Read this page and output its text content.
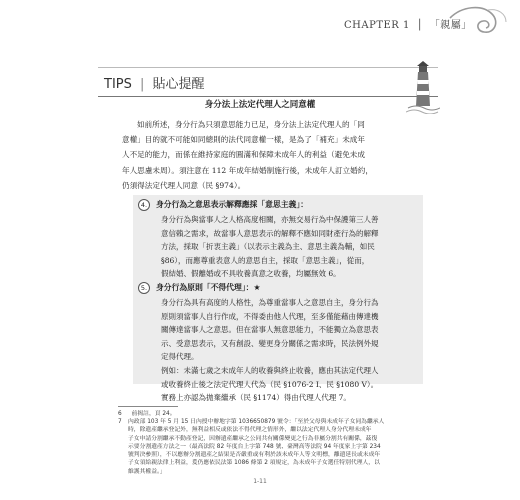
CHAPTER 1 │ 「親屬」
TIPS | 貼心提醒
身分法上法定代理人之同意權
如前所述，身分行為只須意思能力已足，身分法上法定代理人的「同
意權」目的就不可能如同總則的法代同意權一樣，是為了「補充」未成年
人不足的能力，而係在維持家庭的圓滿和保障未成年人的利益（避免未成
年人思慮未周）。須注意在 112 年成年結婚制施行後，未成年人訂立婚約，
仍須得法定代理人同意（民 §974）。
4.	身分行為之意思表示解釋應採「意思主義」：
身分行為與當事人之人格高度相關，亦無交易行為中保護第三人善
意信賴之需求，故當事人意思表示的解釋不應如同財產行為的解釋
方法，採取「折衷主義」（以表示主義為主、意思主義為輔，如民
§86），而應尊重表意人的意思自主，採取「意思主義」，從而，
假結婚、假離婚或不具收養真意之收養，均屬無效 6。
5.	身分行為原則「不得代理」：★
身分行為具有高度的人格性，為尊重當事人之意思自主，身分行為
原則須當事人自行作成，不得委由他人代理，至多僅能藉由傳達機
關傳達當事人之意思。但在當事人無意思能力，不能獨立為意思表
示、受意思表示，又有創設、變更身分關係之需求時，民法例外規
定得代理。
例如：未滿七歲之未成年人的收養與終止收養，應由其法定代理人
或收養終止後之法定代理人代為（民 §1076-2 I、民 §1080 V）。
實務上亦認為拋棄繼承（民 §1174）得由代理人代理 7。
6 前揭註，頁 24。
7 內政部 103 年 5 月 15 日內授中辦地字第 1036650879 號令：「至於父母與未成年子女同為繼承人
時，除遺產繼承登記外，無利益相反或依法不得代理之情形外，繼以法定代理人身分代理未成年
子女申請分割繼承不動產登記，因辦遺產繼承之公同共有關係變更之行為非屬分割共有關係，茲復
示要分割遺產方法之一（最高法院 82 年度台上字第 748 號、臺灣高等法院 94 年度家上字第 234
號判決參照），不以應辦分割遺產之結果是否嚴重或有利於該未成年人等文明標，離遺延長或未成年
子女須給親法律上利益，爰仍應依民法第 1086 條第 2 項規定，為未成年子女選任特別代理人，以
維護其權益。」
1-11
